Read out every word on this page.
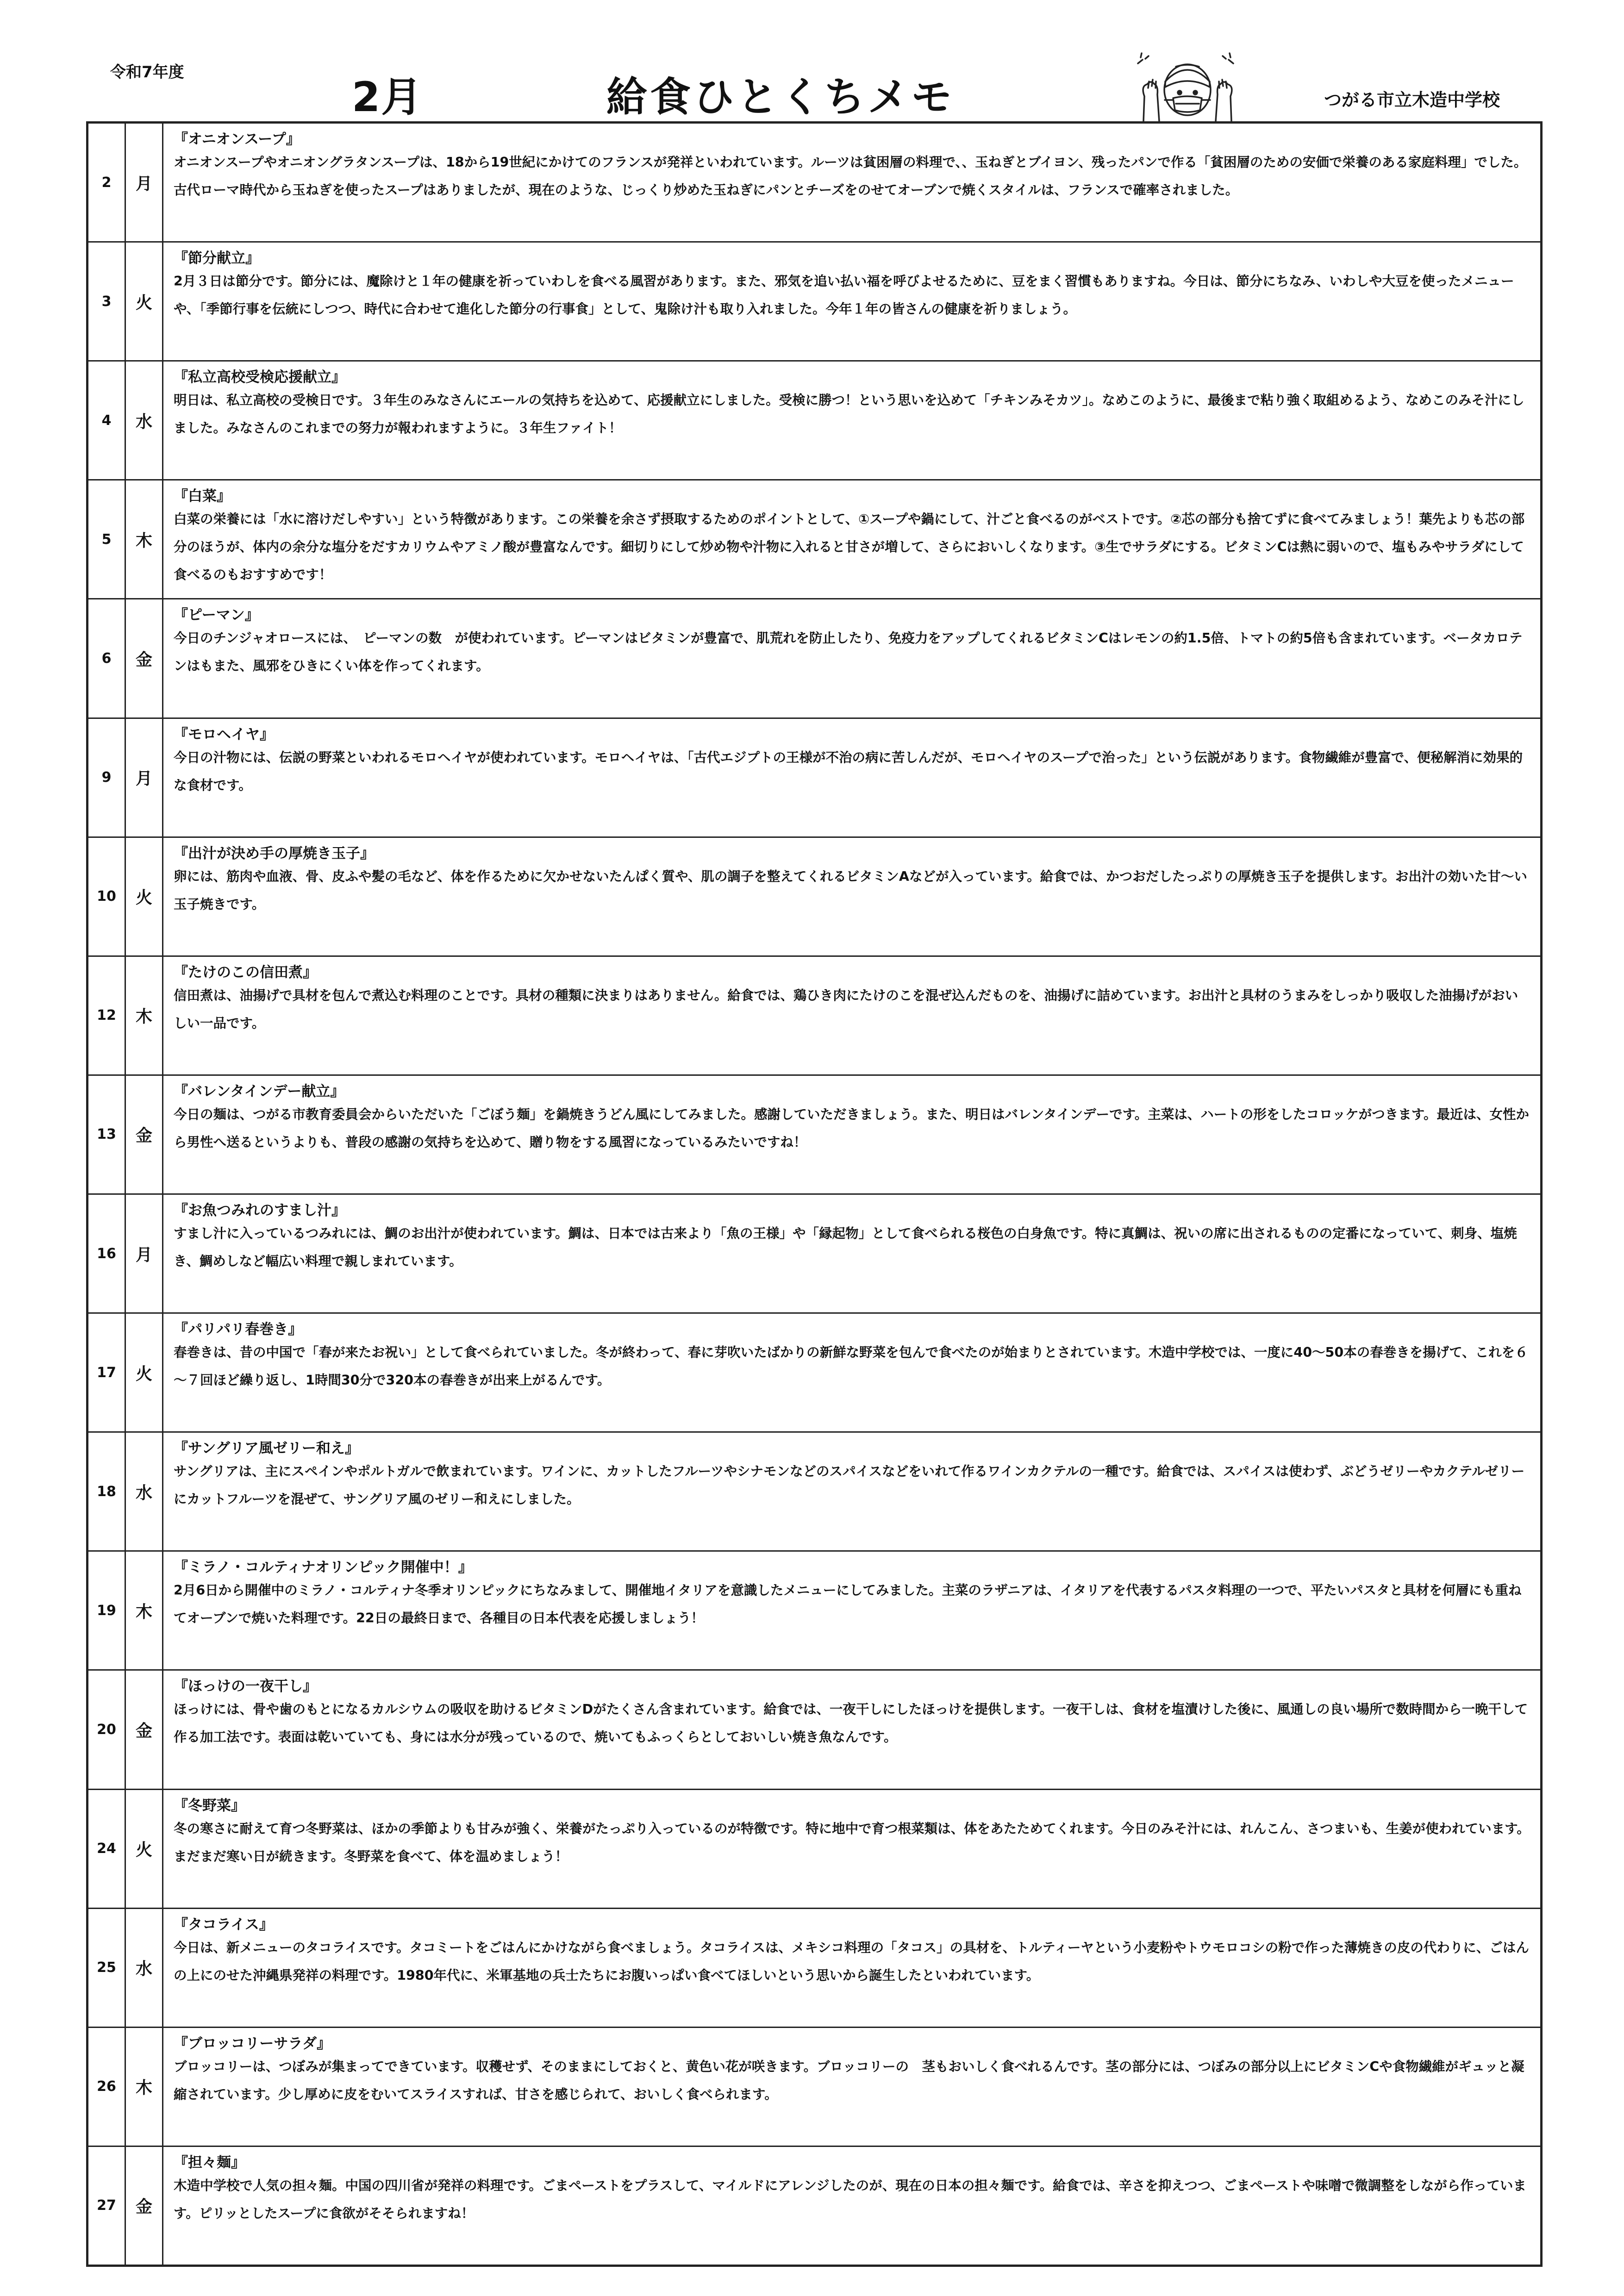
令和7年度
2月	給食ひとくちメモ	つがる市立木造中学校
2	月
『オニオンスープ』
オニオンスープやオニオングラタンスープは、18から19世紀にかけてのフランスが発祥といわれています。ルーツは貧困層の料理で、、玉ねぎとブイヨン、残ったパンで作る「貧困層のための安価で栄養のある家庭料理」でした。古代ローマ時代から玉ねぎを使ったスープはありましたが、現在のような、じっくり炒めた玉ねぎにパンとチーズをのせてオーブンで焼くスタイルは、フランスで確率されました。
3	火
『節分献立』
2月３日は節分です。節分には、魔除けと１年の健康を祈っていわしを食べる風習があります。また、邪気を追い払い福を呼びよせるために、豆をまく習慣もありますね。今日は、節分にちなみ、いわしや大豆を使ったメニューや、「季節行事を伝統にしつつ、時代に合わせて進化した節分の行事食」として、鬼除け汁も取り入れました。今年１年の皆さんの健康を祈りましょう。
4	水
『私立高校受検応援献立』
明日は、私立高校の受検日です。３年生のみなさんにエールの気持ちを込めて、応援献立にしました。受検に勝つ！という思いを込めて「チキンみそカツ」。なめこのように、最後まで粘り強く取組めるよう、なめこのみそ汁にしました。みなさんのこれまでの努力が報われますように。３年生ファイト！
5	木
『白菜』
白菜の栄養には「水に溶けだしやすい」という特徴があります。この栄養を余さず摂取するためのポイントとして、①スープや鍋にして、汁ごと食べるのがベストです。②芯の部分も捨てずに食べてみましょう！葉先よりも芯の部分のほうが、体内の余分な塩分をだすカリウムやアミノ酸が豊富なんです。細切りにして炒め物や汁物に入れると甘さが増して、さらにおいしくなります。③生でサラダにする。ビタミンCは熱に弱いので、塩もみやサラダにして食べるのもおすすめです！
6	金
『ピーマン』
今日のチンジャオロースには、　ピーマンの数　が使われています。ピーマンはビタミンが豊富で、肌荒れを防止したり、免疫力をアップしてくれるビタミンCはレモンの約1.5倍、トマトの約5倍も含まれています。ベータカロテンはもまた、風邪をひきにくい体を作ってくれます。
9	月
『モロヘイヤ』
今日の汁物には、伝説の野菜といわれるモロヘイヤが使われています。モロヘイヤは、「古代エジプトの王様が不治の病に苦しんだが、モロヘイヤのスープで治った」という伝説があります。食物繊維が豊富で、便秘解消に効果的な食材です。
10	火
『出汁が決め手の厚焼き玉子』
卵には、筋肉や血液、骨、皮ふや髪の毛など、体を作るために欠かせないたんぱく質や、肌の調子を整えてくれるビタミンAなどが入っています。給食では、かつおだしたっぷりの厚焼き玉子を提供します。お出汁の効いた甘～い玉子焼きです。
12	木
『たけのこの信田煮』
信田煮は、油揚げで具材を包んで煮込む料理のことです。具材の種類に決まりはありません。給食では、鶏ひき肉にたけのこを混ぜ込んだものを、油揚げに詰めています。お出汁と具材のうまみをしっかり吸収した油揚げがおいしい一品です。
13	金
『バレンタインデー献立』
今日の麺は、つがる市教育委員会からいただいた「ごぼう麺」を鍋焼きうどん風にしてみました。感謝していただきましょう。また、明日はバレンタインデーです。主菜は、ハートの形をしたコロッケがつきます。最近は、女性から男性へ送るというよりも、普段の感謝の気持ちを込めて、贈り物をする風習になっているみたいですね！
16	月
『お魚つみれのすまし汁』
すまし汁に入っているつみれには、鯛のお出汁が使われています。鯛は、日本では古来より「魚の王様」や「縁起物」として食べられる桜色の白身魚です。特に真鯛は、祝いの席に出されるものの定番になっていて、刺身、塩焼き、鯛めしなど幅広い料理で親しまれています。
17	火
『パリパリ春巻き』
春巻きは、昔の中国で「春が来たお祝い」として食べられていました。冬が終わって、春に芽吹いたばかりの新鮮な野菜を包んで食べたのが始まりとされています。木造中学校では、一度に40～50本の春巻きを揚げて、これを６～７回ほど繰り返し、1時間30分で320本の春巻きが出来上がるんです。
18	水
『サングリア風ゼリー和え』
サングリアは、主にスペインやポルトガルで飲まれています。ワインに、カットしたフルーツやシナモンなどのスパイスなどをいれて作るワインカクテルの一種です。給食では、スパイスは使わず、ぶどうゼリーやカクテルゼリーにカットフルーツを混ぜて、サングリア風のゼリー和えにしました。
19	木
『ミラノ・コルティナオリンピック開催中！』
2月6日から開催中のミラノ・コルティナ冬季オリンピックにちなみまして、開催地イタリアを意識したメニューにしてみました。主菜のラザニアは、イタリアを代表するパスタ料理の一つで、平たいパスタと具材を何層にも重ねてオーブンで焼いた料理です。22日の最終日まで、各種目の日本代表を応援しましょう！
20	金
『ほっけの一夜干し』
ほっけには、骨や歯のもとになるカルシウムの吸収を助けるビタミンDがたくさん含まれています。給食では、一夜干しにしたほっけを提供します。一夜干しは、食材を塩漬けした後に、風通しの良い場所で数時間から一晩干して作る加工法です。表面は乾いていても、身には水分が残っているので、焼いてもふっくらとしておいしい焼き魚なんです。
24	火
『冬野菜』
冬の寒さに耐えて育つ冬野菜は、ほかの季節よりも甘みが強く、栄養がたっぷり入っているのが特徴です。特に地中で育つ根菜類は、体をあたためてくれます。今日のみそ汁には、れんこん、さつまいも、生姜が使われています。まだまだ寒い日が続きます。冬野菜を食べて、体を温めましょう！
25	水
『タコライス』
今日は、新メニューのタコライスです。タコミートをごはんにかけながら食べましょう。タコライスは、メキシコ料理の「タコス」の具材を、トルティーヤという小麦粉やトウモロコシの粉で作った薄焼きの皮の代わりに、ごはんの上にのせた沖縄県発祥の料理です。1980年代に、米軍基地の兵士たちにお腹いっぱい食べてほしいという思いから誕生したといわれています。
26	木
『ブロッコリーサラダ』
ブロッコリーは、つぼみが集まってできています。収穫せず、そのままにしておくと、黄色い花が咲きます。ブロッコリーの　茎もおいしく食べれるんです。茎の部分には、つぼみの部分以上にビタミンCや食物繊維がギュッと凝縮されています。少し厚めに皮をむいてスライスすれば、甘さを感じられて、おいしく食べられます。
27	金
『担々麺』
木造中学校で人気の担々麺。中国の四川省が発祥の料理です。ごまペーストをプラスして、マイルドにアレンジしたのが、現在の日本の担々麺です。給食では、辛さを抑えつつ、ごまペーストや味噌で微調整をしながら作っています。ピリッとしたスープに食欲がそそられますね！
